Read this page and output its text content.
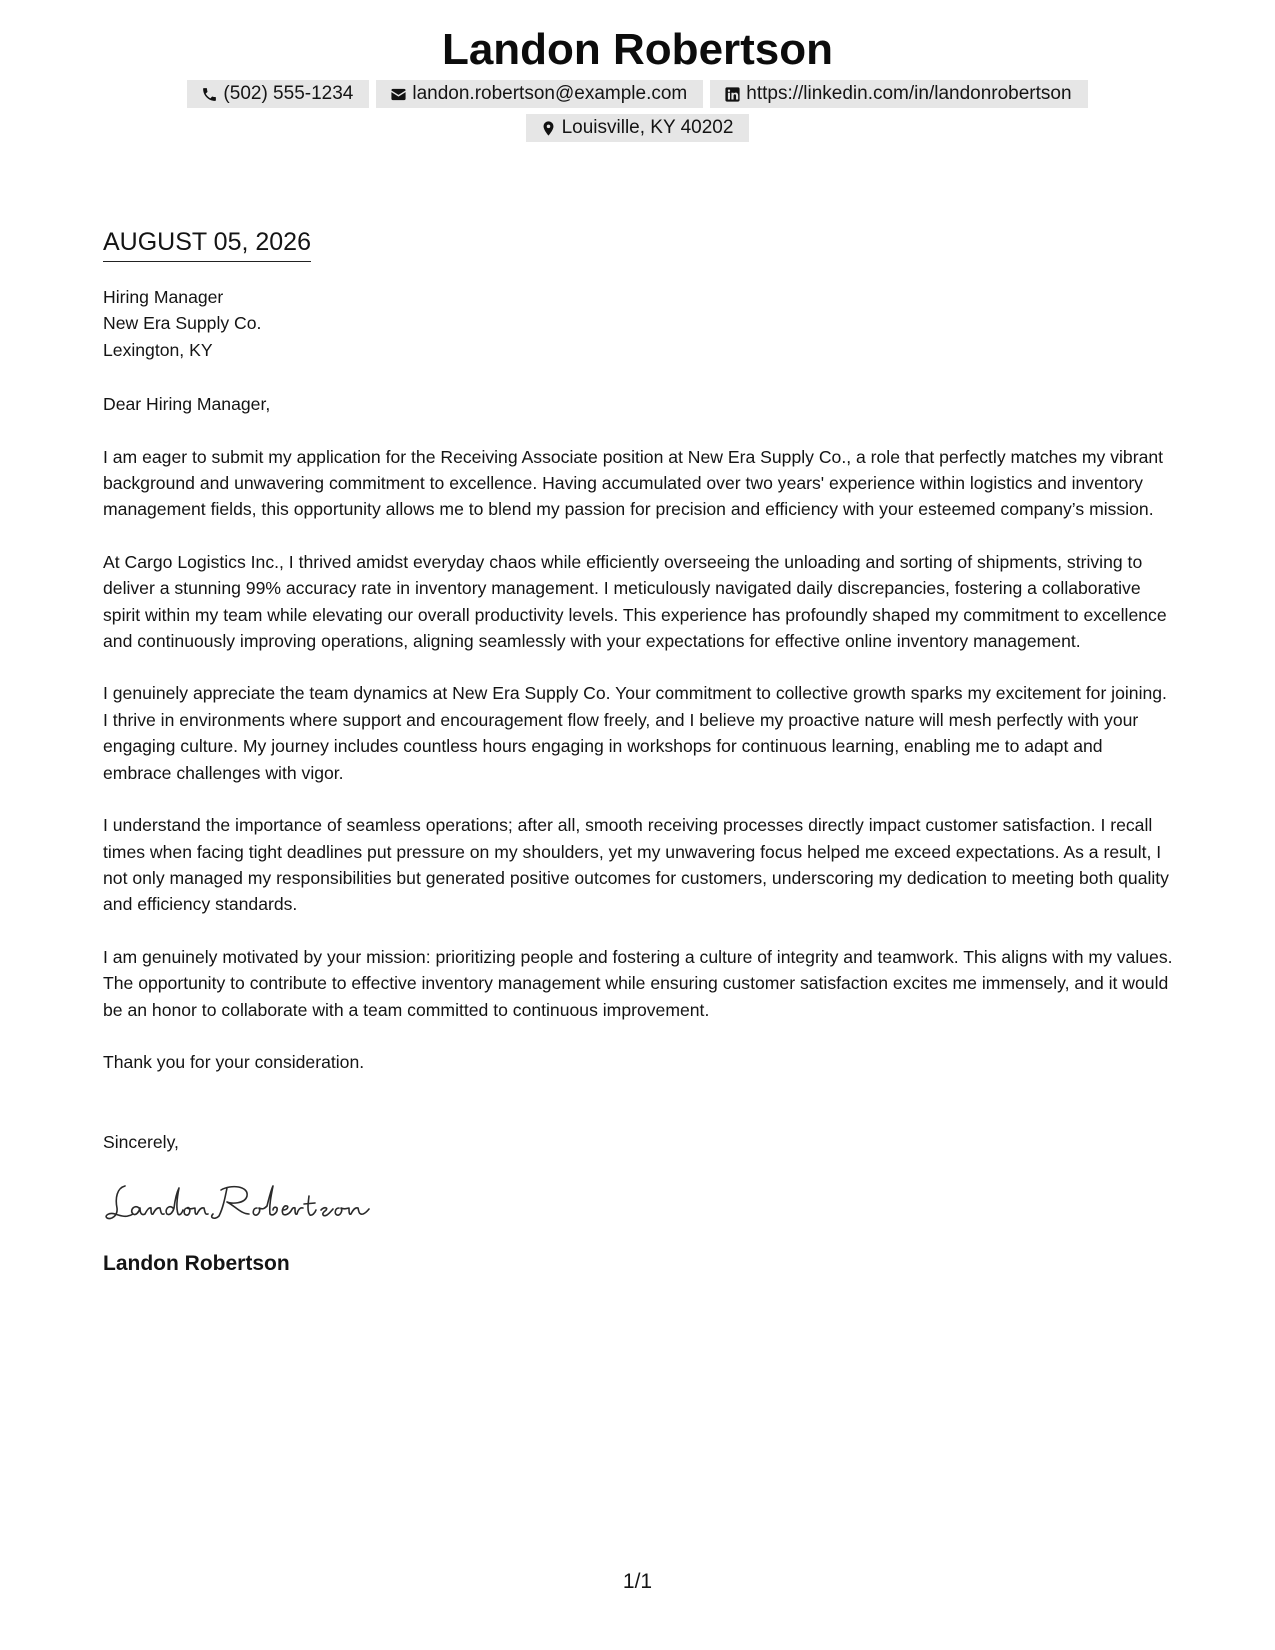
Landon Robertson
(502) 555-1234	landon.robertson@example.com	https://linkedin.com/in/landonrobertson
Louisville, KY 40202
AUGUST 05, 2026
Hiring Manager
New Era Supply Co.
Lexington, KY
Dear Hiring Manager,

I am eager to submit my application for the Receiving Associate position at New Era Supply Co., a role that perfectly matches my vibrant background and unwavering commitment to excellence. Having accumulated over two years' experience within logistics and inventory management fields, this opportunity allows me to blend my passion for precision and efficiency with your esteemed company’s mission.

At Cargo Logistics Inc., I thrived amidst everyday chaos while efficiently overseeing the unloading and sorting of shipments, striving to deliver a stunning 99% accuracy rate in inventory management. I meticulously navigated daily discrepancies, fostering a collaborative spirit within my team while elevating our overall productivity levels. This experience has profoundly shaped my commitment to excellence and continuously improving operations, aligning seamlessly with your expectations for effective online inventory management.

I genuinely appreciate the team dynamics at New Era Supply Co. Your commitment to collective growth sparks my excitement for joining. I thrive in environments where support and encouragement flow freely, and I believe my proactive nature will mesh perfectly with your engaging culture. My journey includes countless hours engaging in workshops for continuous learning, enabling me to adapt and embrace challenges with vigor.

I understand the importance of seamless operations; after all, smooth receiving processes directly impact customer satisfaction. I recall times when facing tight deadlines put pressure on my shoulders, yet my unwavering focus helped me exceed expectations. As a result, I not only managed my responsibilities but generated positive outcomes for customers, underscoring my dedication to meeting both quality and efficiency standards.

I am genuinely motivated by your mission: prioritizing people and fostering a culture of integrity and teamwork. This aligns with my values. The opportunity to contribute to effective inventory management while ensuring customer satisfaction excites me immensely, and it would be an honor to collaborate with a team committed to continuous improvement.

Thank you for your consideration.

Sincerely,
Landon Robertson
1/1
